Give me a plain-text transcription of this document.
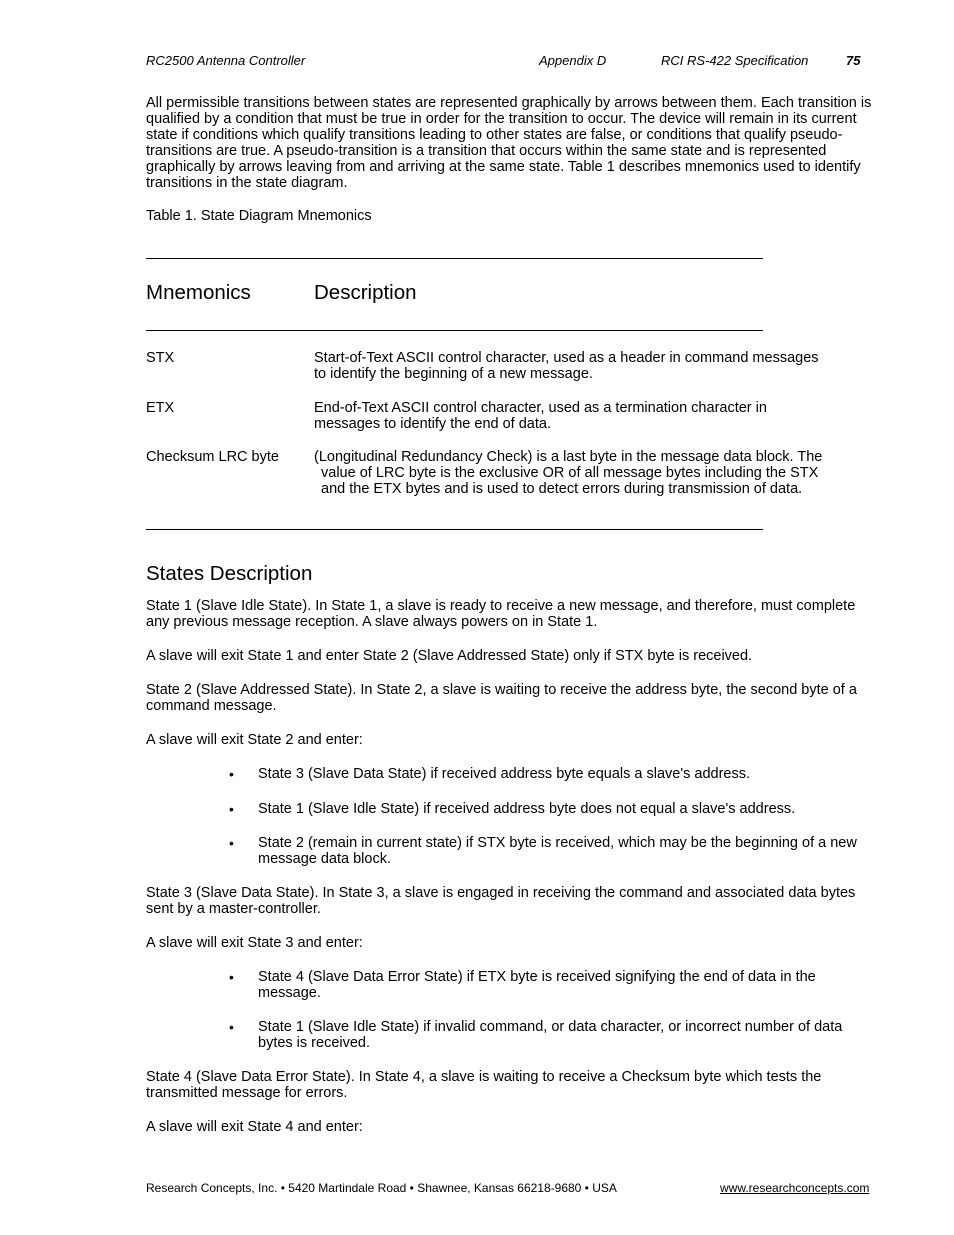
RC2500 Antenna Controller	Appendix D	RCI RS-422 Specification	75
All permissible transitions between states are represented graphically by arrows between them. Each transition is qualified by a condition that must be true in order for the transition to occur. The device will remain in its current state if conditions which qualify transitions leading to other states are false, or conditions that qualify pseudo-transitions are true. A pseudo-transition is a transition that occurs within the same state and is represented graphically by arrows leaving from and arriving at the same state. Table 1 describes mnemonics used to identify transitions in the state diagram.
Table 1. State Diagram Mnemonics
Mnemonics	Description
STX	Start-of-Text ASCII control character, used as a header in command messages
to identify the beginning of a new message.
ETX	End-of-Text ASCII control character, used as a termination character in
messages to identify the end of data.
Checksum LRC byte (Longitudinal Redundancy Check) is a last byte in the message data block. The
value of LRC byte is the exclusive OR of all message bytes including the STX
and the ETX bytes and is used to detect errors during transmission of data.
States Description
State 1 (Slave Idle State). In State 1, a slave is ready to receive a new message, and therefore, must complete any previous message reception. A slave always powers on in State 1.
A slave will exit State 1 and enter State 2 (Slave Addressed State) only if STX byte is received.
State 2 (Slave Addressed State). In State 2, a slave is waiting to receive the address byte, the second byte of a command message.
A slave will exit State 2 and enter:
• State 3 (Slave Data State) if received address byte equals a slave's address.
• State 1 (Slave Idle State) if received address byte does not equal a slave's address.
• State 2 (remain in current state) if STX byte is received, which may be the beginning of a new message data block.
State 3 (Slave Data State). In State 3, a slave is engaged in receiving the command and associated data bytes sent by a master-controller.
A slave will exit State 3 and enter:
• State 4 (Slave Data Error State) if ETX byte is received signifying the end of data in the message.
• State 1 (Slave Idle State) if invalid command, or data character, or incorrect number of data bytes is received.
State 4 (Slave Data Error State). In State 4, a slave is waiting to receive a Checksum byte which tests the transmitted message for errors.
A slave will exit State 4 and enter:
Research Concepts, Inc. • 5420 Martindale Road • Shawnee, Kansas 66218-9680 • USA	www.researchconcepts.com
